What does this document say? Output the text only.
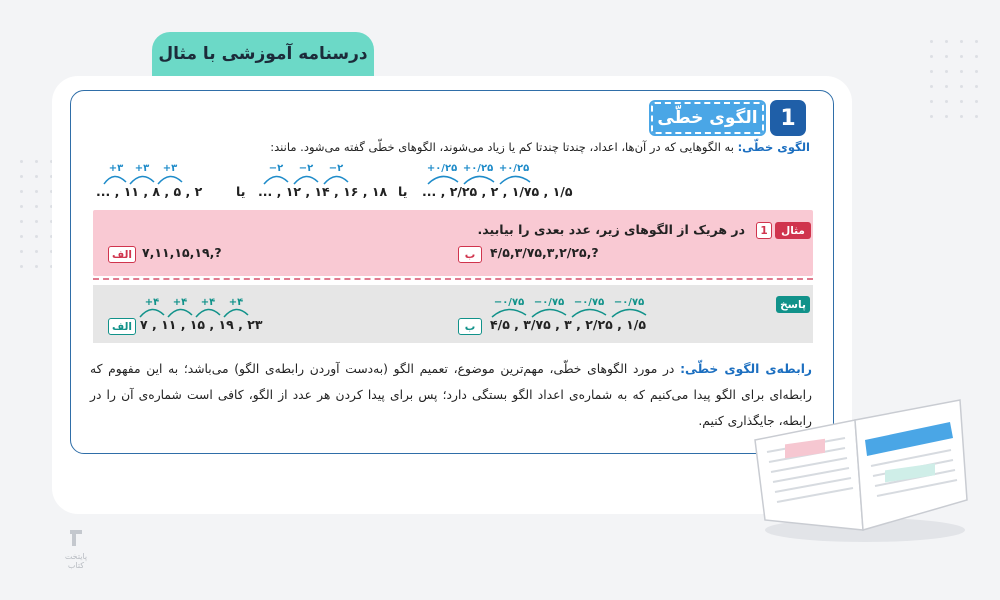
درسنامه آموزشی با مثال
الگوی خطّی	1
الگوی خطّی: به الگوهایی که در آن‌ها، اعداد، چندتا چندتا کم یا زیاد می‌شوند، الگوهای خطّی گفته می‌شود. مانند:
+۳ +۳ +۳
۲ , ۵ , ۸ , ۱۱ , ...	یا
−۲ −۲ −۲
۱۸ , ۱۶ , ۱۴ , ۱۲ , ... یا
+۰/۲۵ +۰/۲۵ +۰/۲۵
۱/۵ , ۱/۷۵ , ۲ , ۲/۲۵ , ...
مثال
1
در هریک از الگوهای زیر، عدد بعدی را بیابید.
ب	۴/۵,۳/۷۵,۳,۲/۲۵,?
الف ۷,۱۱,۱۵,۱۹,?
پاسخ
+۴ +۴ +۴ +۴
الف ۷ , ۱۱ , ۱۵ , ۱۹ , ۲۳
−۰/۷۵ −۰/۷۵ −۰/۷۵ −۰/۷۵
ب	۴/۵ , ۳/۷۵ , ۳ , ۲/۲۵ , ۱/۵
رابطه‌ی الگوی خطّی: در مورد الگوهای خطّی، مهم‌ترین موضوع، تعمیم الگو (به‌دست آوردن رابطه‌ی الگو) می‌باشد؛ به این مفهوم که رابطه‌ای برای الگو پیدا می‌کنیم که به شماره‌ی اعداد الگو بستگی دارد؛ پس برای پیدا کردن هر عدد از الگو، کافی است شماره‌ی آن را در رابطه، جایگذاری کنیم.
پایتخت کتاب
